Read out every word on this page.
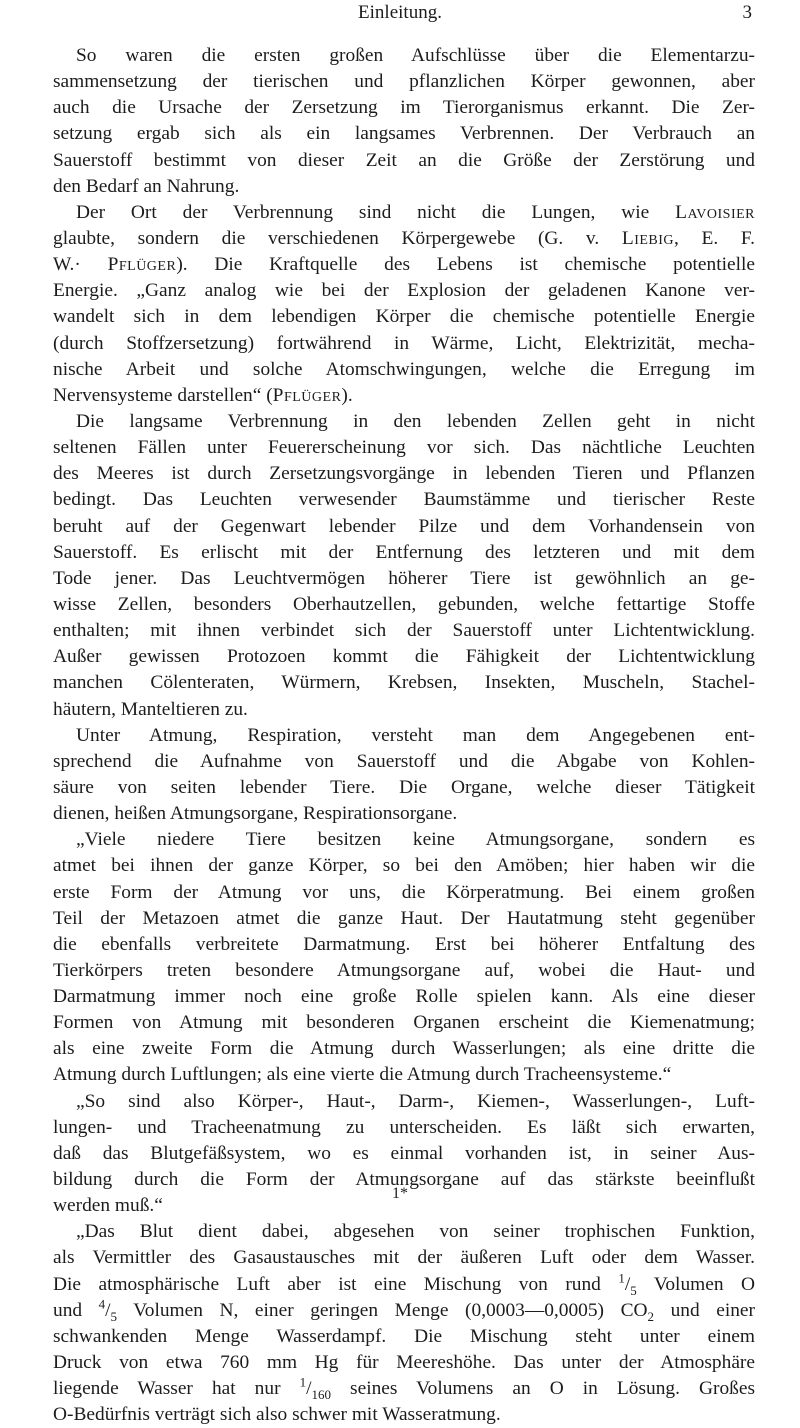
Einleitung.	3
So waren die ersten großen Aufschlüsse über die Elementarzu-
sammensetzung der tierischen und pflanzlichen Körper gewonnen, aber
auch die Ursache der Zersetzung im Tierorganismus erkannt. Die Zer-
setzung ergab sich als ein langsames Verbrennen. Der Verbrauch an
Sauerstoff bestimmt von dieser Zeit an die Größe der Zerstörung und
den Bedarf an Nahrung.
Der Ort der Verbrennung sind nicht die Lungen, wie Lavoisier
glaubte, sondern die verschiedenen Körpergewebe (G. v. Liebig, E. F.
W.· Pflüger). Die Kraftquelle des Lebens ist chemische potentielle
Energie. „Ganz analog wie bei der Explosion der geladenen Kanone ver-
wandelt sich in dem lebendigen Körper die chemische potentielle Energie
(durch Stoffzersetzung) fortwährend in Wärme, Licht, Elektrizität, mecha-
nische Arbeit und solche Atomschwingungen, welche die Erregung im
Nervensysteme darstellen“ (Pflüger).
Die langsame Verbrennung in den lebenden Zellen geht in nicht
seltenen Fällen unter Feuererscheinung vor sich. Das nächtliche Leuchten
des Meeres ist durch Zersetzungsvorgänge in lebenden Tieren und Pflanzen
bedingt. Das Leuchten verwesender Baumstämme und tierischer Reste
beruht auf der Gegenwart lebender Pilze und dem Vorhandensein von
Sauerstoff. Es erlischt mit der Entfernung des letzteren und mit dem
Tode jener. Das Leuchtvermögen höherer Tiere ist gewöhnlich an ge-
wisse Zellen, besonders Oberhautzellen, gebunden, welche fettartige Stoffe
enthalten; mit ihnen verbindet sich der Sauerstoff unter Lichtentwicklung.
Außer gewissen Protozoen kommt die Fähigkeit der Lichtentwicklung
manchen Cölenteraten, Würmern, Krebsen, Insekten, Muscheln, Stachel-
häutern, Manteltieren zu.
Unter Atmung, Respiration, versteht man dem Angegebenen ent-
sprechend die Aufnahme von Sauerstoff und die Abgabe von Kohlen-
säure von seiten lebender Tiere. Die Organe, welche dieser Tätigkeit
dienen, heißen Atmungsorgane, Respirationsorgane.
„Viele niedere Tiere besitzen keine Atmungsorgane, sondern es
atmet bei ihnen der ganze Körper, so bei den Amöben; hier haben wir die
erste Form der Atmung vor uns, die Körperatmung. Bei einem großen
Teil der Metazoen atmet die ganze Haut. Der Hautatmung steht gegenüber
die ebenfalls verbreitete Darmatmung. Erst bei höherer Entfaltung des
Tierkörpers treten besondere Atmungsorgane auf, wobei die Haut- und
Darmatmung immer noch eine große Rolle spielen kann. Als eine dieser
Formen von Atmung mit besonderen Organen erscheint die Kiemenatmung;
als eine zweite Form die Atmung durch Wasserlungen; als eine dritte die
Atmung durch Luftlungen; als eine vierte die Atmung durch Tracheensysteme.“
„So sind also Körper-, Haut-, Darm-, Kiemen-, Wasserlungen-, Luft-
lungen- und Tracheenatmung zu unterscheiden. Es läßt sich erwarten,
daß das Blutgefäßsystem, wo es einmal vorhanden ist, in seiner Aus-
bildung durch die Form der Atmungsorgane auf das stärkste beeinflußt
werden muß.“
„Das Blut dient dabei, abgesehen von seiner trophischen Funktion,
als Vermittler des Gasaustausches mit der äußeren Luft oder dem Wasser.
Die atmosphärische Luft aber ist eine Mischung von rund $^1/_5$ Volumen O
und $^4/_5$ Volumen N, einer geringen Menge (0,0003—0,0005) $CO_2$ und einer
schwankenden Menge Wasserdampf. Die Mischung steht unter einem
Druck von etwa 760 mm Hg für Meereshöhe. Das unter der Atmosphäre
liegende Wasser hat nur $^1/_{160}$ seines Volumens an O in Lösung. Großes
O-Bedürfnis verträgt sich also schwer mit Wasseratmung.
1*
